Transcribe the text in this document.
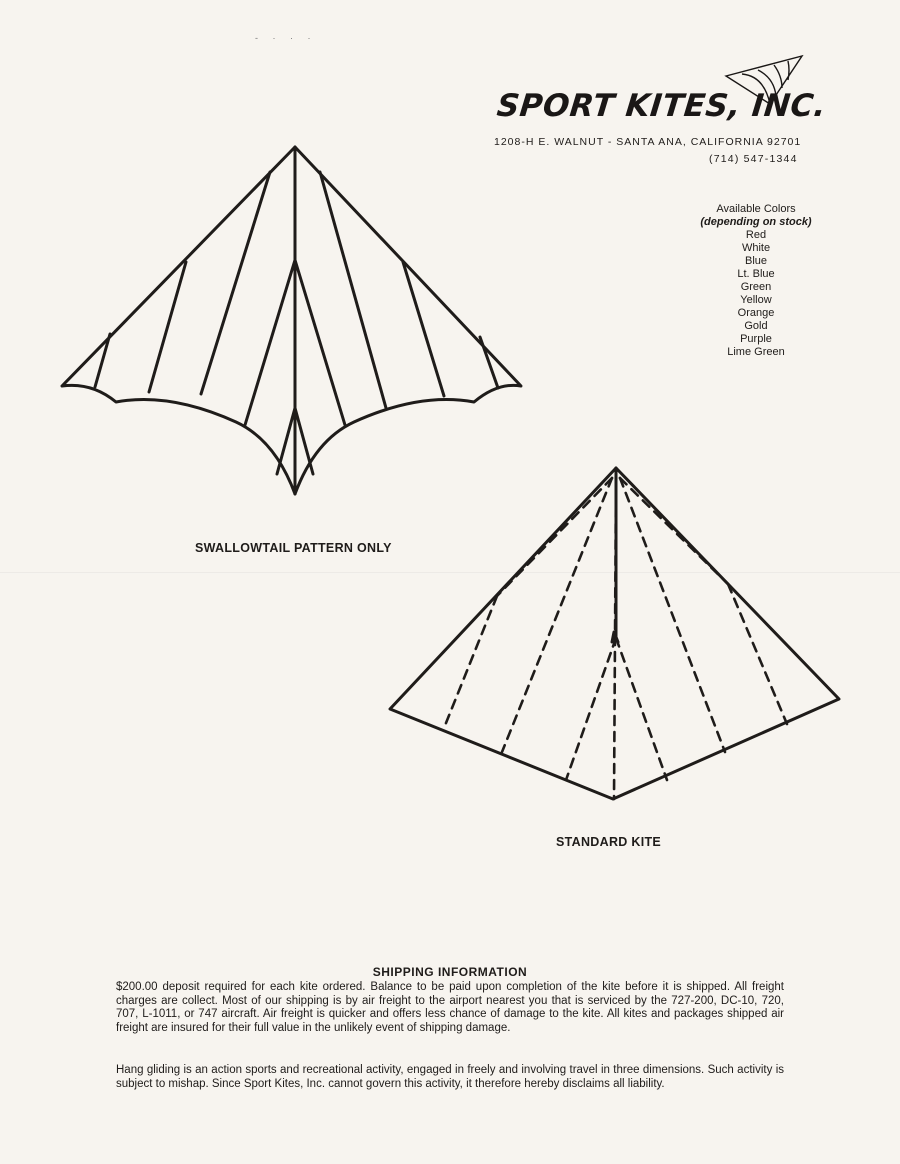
- · · ·
SPORT KITES, INC.
1208-H E. WALNUT - SANTA ANA, CALIFORNIA 92701
(714) 547-1344
Available Colors
(depending on stock)
Red
White
Blue
Lt. Blue
Green
Yellow
Orange
Gold
Purple
Lime Green
SWALLOWTAIL PATTERN ONLY
STANDARD KITE
SHIPPING INFORMATION
$200.00 deposit required for each kite ordered. Balance to be paid upon completion of the kite before it is shipped. All freight charges are collect. Most of our shipping is by air freight to the airport nearest you that is serviced by the 727-200, DC-10, 720, 707, L-1011, or 747 aircraft. Air freight is quicker and offers less chance of damage to the kite. All kites and packages shipped air freight are insured for their full value in the unlikely event of shipping damage.
Hang gliding is an action sports and recreational activity, engaged in freely and involving travel in three dimensions. Such activity is subject to mishap. Since Sport Kites, Inc. cannot govern this activity, it therefore hereby disclaims all liability.
